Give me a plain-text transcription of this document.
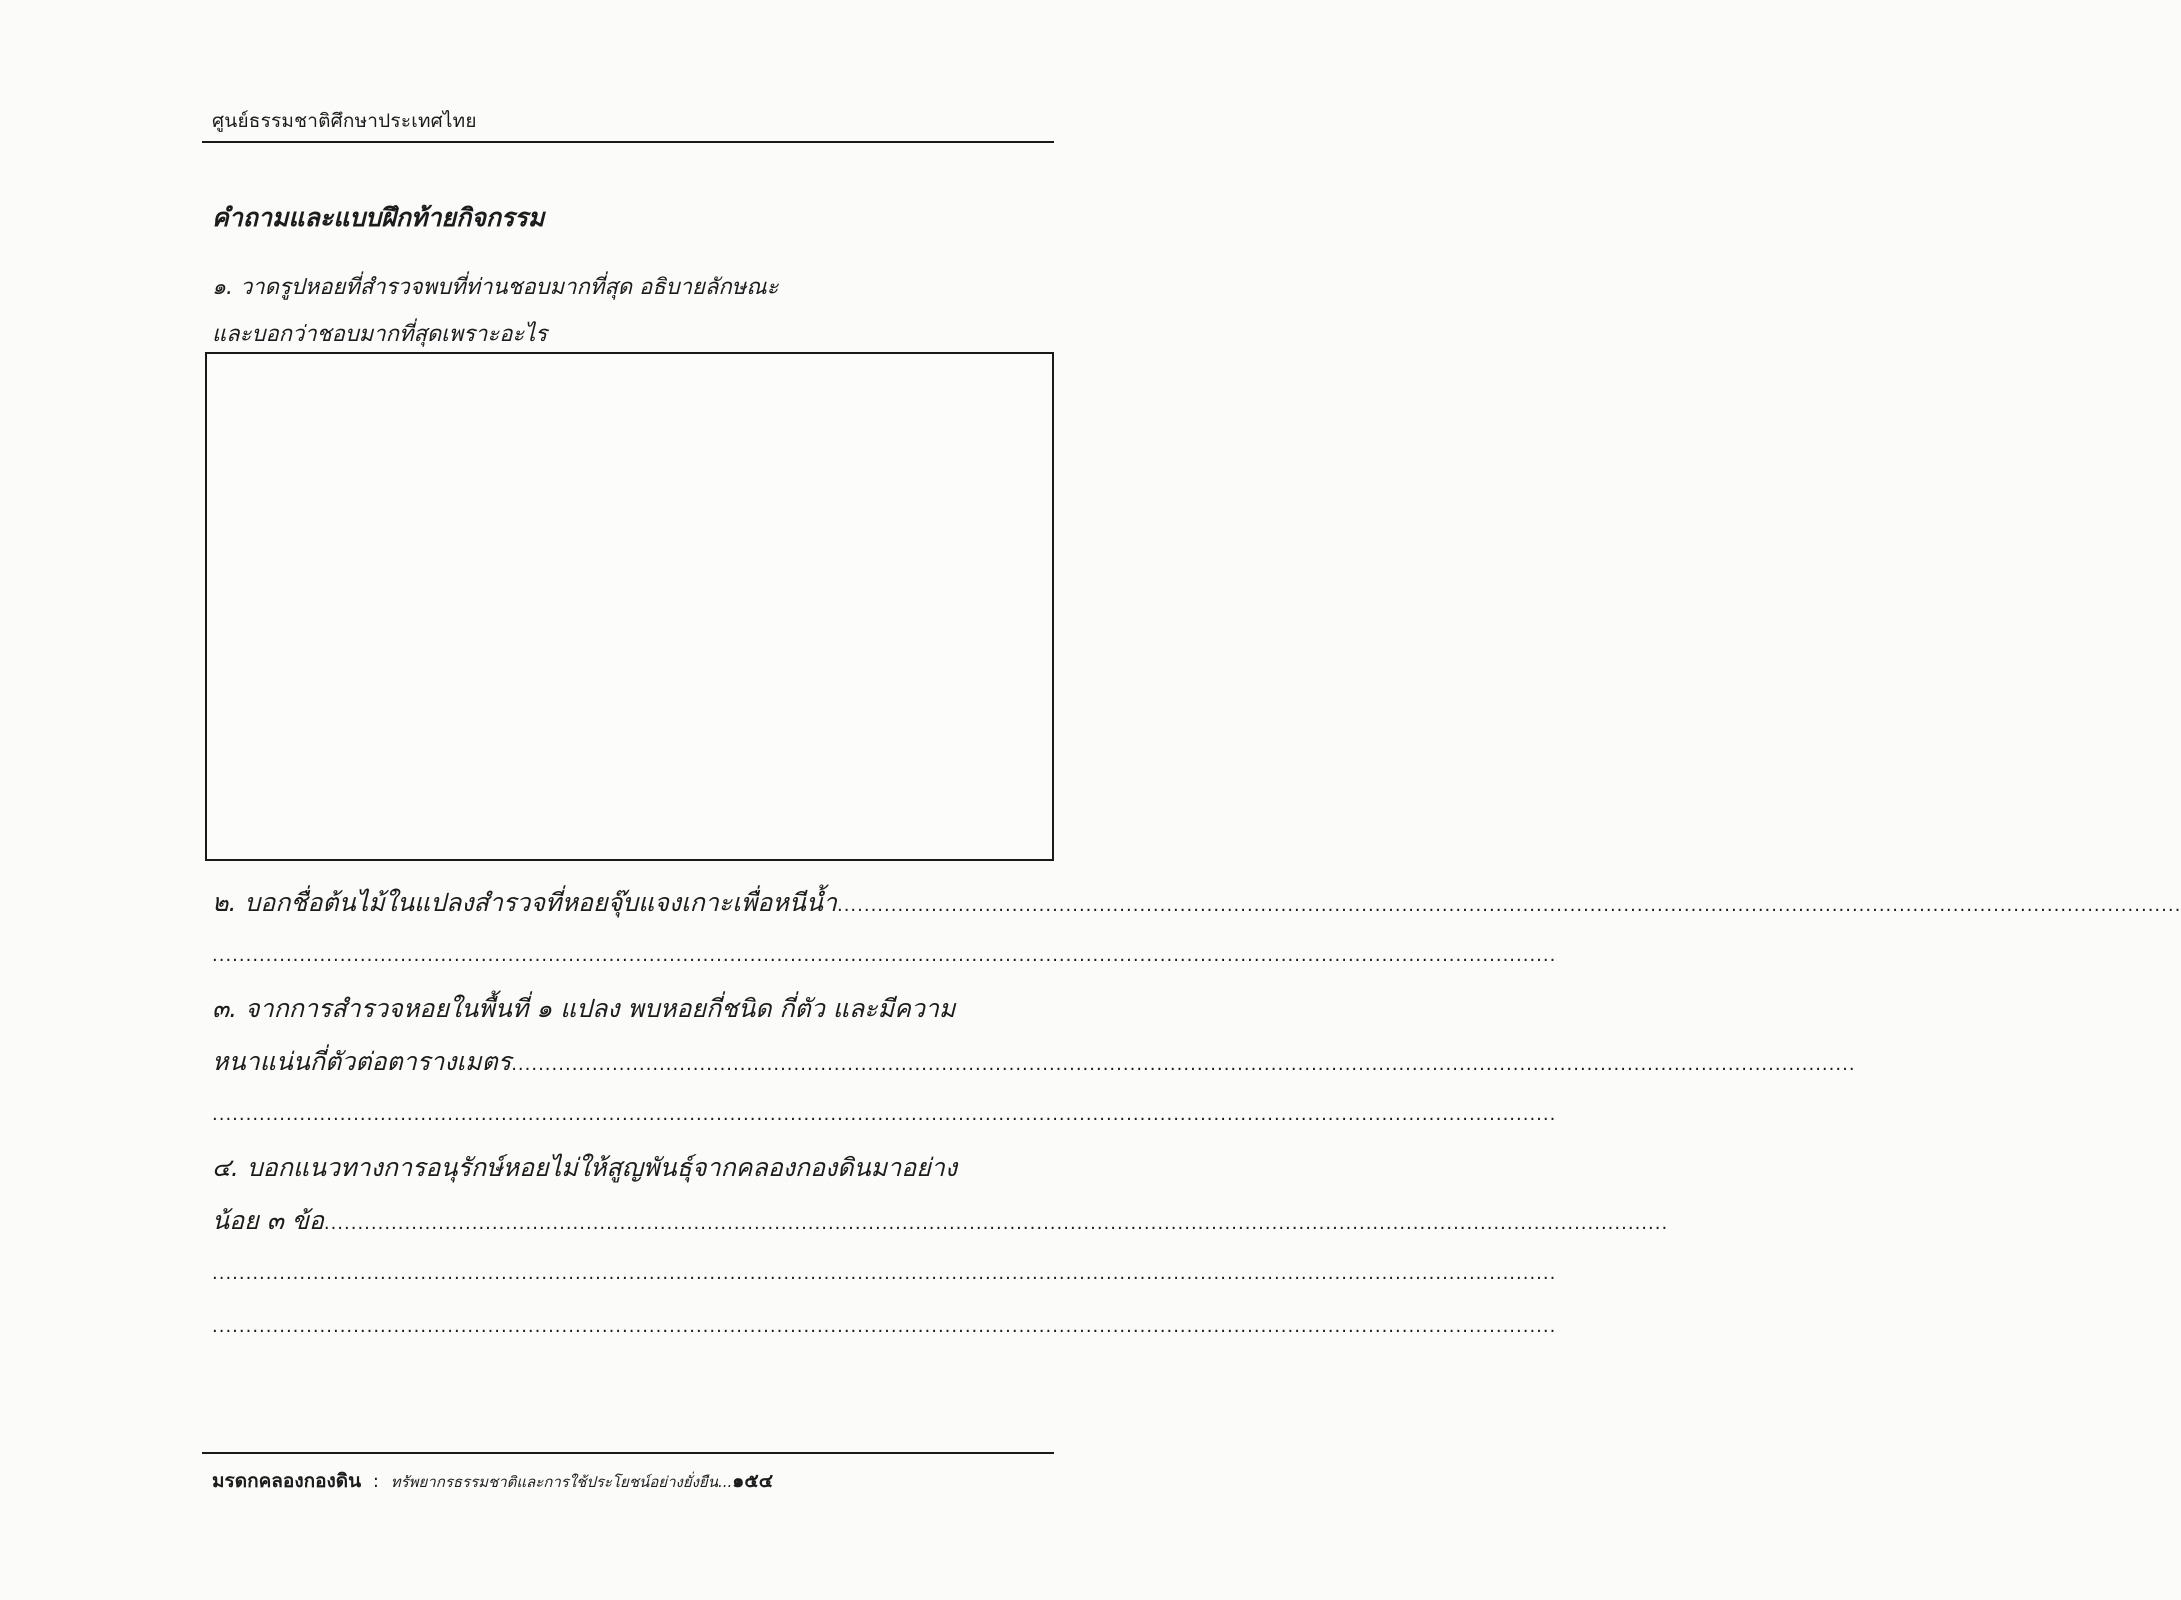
ศูนย์ธรรมชาติศึกษาประเทศไทย
คำถามและแบบฝึกท้ายกิจกรรม
๑. วาดรูปหอยที่สำรวจพบที่ท่านชอบมากที่สุด อธิบายลักษณะ
และบอกว่าชอบมากที่สุดเพราะอะไร
๒. บอกชื่อต้นไม้ในแปลงสำรวจที่หอยจุ๊บแจงเกาะเพื่อหนีน้ำ ........................................................................................................................................................................................................
........................................................................................................................................................................................................
๓. จากการสำรวจหอยในพื้นที่ ๑ แปลง พบหอยกี่ชนิด กี่ตัว และมีความ
หนาแน่นกี่ตัวต่อตารางเมตร ........................................................................................................................................................................................................
........................................................................................................................................................................................................
๔. บอกแนวทางการอนุรักษ์หอยไม่ให้สูญพันธุ์จากคลองกองดินมาอย่าง
น้อย ๓ ข้อ ........................................................................................................................................................................................................
........................................................................................................................................................................................................
........................................................................................................................................................................................................
มรดกคลองกองดิน : ทรัพยากรธรรมชาติและการใช้ประโยชน์อย่างยั่งยืน...๑๕๔
